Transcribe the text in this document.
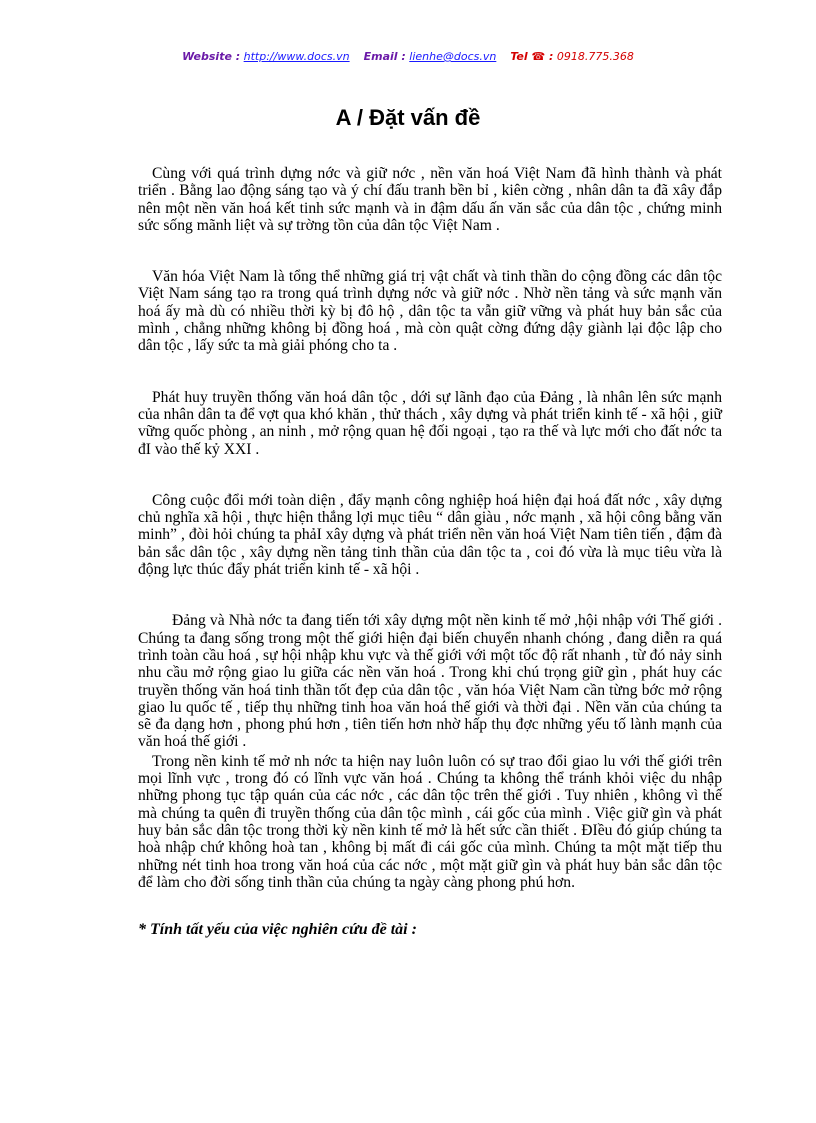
Website : http://www.docs.vn Email : lienhe@docs.vn Tel ☎ : 0918.775.368
A / Đặt vấn đề

Cùng với quá trình dựng nớc và giữ nớc , nền văn hoá Việt Nam đã hình thành và phát triển . Bằng lao động sáng tạo và ý chí đấu tranh bền bỉ , kiên cờng , nhân dân ta đã xây đắp nên một nền văn hoá kết tinh sức mạnh và in đậm dấu ấn văn sắc của dân tộc , chứng minh sức sống mãnh liệt và sự trờng tồn của dân tộc Việt Nam .

Văn hóa Việt Nam là tổng thể những giá trị vật chất và tinh thần do cộng đồng các dân tộc Việt Nam sáng tạo ra trong quá trình dựng nớc và giữ nớc . Nhờ nền tảng và sức mạnh văn hoá ấy mà dù có nhiều thời kỳ bị đô hộ , dân tộc ta vẫn giữ vững và phát huy bản sắc của mình , chẳng những không bị đồng hoá , mà còn quật cờng đứng dậy giành lại độc lập cho dân tộc , lấy sức ta mà giải phóng cho ta .

Phát huy truyền thống văn hoá dân tộc , dới sự lãnh đạo của Đảng , là nhân lên sức mạnh của nhân dân ta để vợt qua khó khăn , thử thách , xây dựng và phát triển kinh tế - xã hội , giữ vững quốc phòng , an ninh , mở rộng quan hệ đối ngoại , tạo ra thế và lực mới cho đất nớc ta đI vào thế kỷ XXI .

Công cuộc đổi mới toàn diện , đẩy mạnh công nghiệp hoá hiện đại hoá đất nớc , xây dựng chủ nghĩa xã hội , thực hiện thắng lợi mục tiêu “ dân giàu , nớc mạnh , xã hội công bằng văn minh” , đòi hỏi chúng ta phảI xây dựng và phát triển nền văn hoá Việt Nam tiên tiến , đậm đà bản sắc dân tộc , xây dựng nền tảng tinh thần của dân tộc ta , coi đó vừa là mục tiêu vừa là động lực thúc đẩy phát triển kinh tế - xã hội .

Đảng và Nhà nớc ta đang tiến tới xây dựng một nền kinh tế mở ,hội nhập với Thế giới . Chúng ta đang sống trong một thế giới hiện đại biến chuyển nhanh chóng , đang diễn ra quá trình toàn cầu hoá , sự hội nhập khu vực và thế giới với một tốc độ rất nhanh , từ đó nảy sinh nhu cầu mở rộng giao lu giữa các nền văn hoá . Trong khi chú trọng giữ gìn , phát huy các truyền thống văn hoá tinh thần tốt đẹp của dân tộc , văn hóa Việt Nam cần từng bớc mở rộng giao lu quốc tế , tiếp thụ những tinh hoa văn hoá thế giới và thời đại . Nền văn của chúng ta sẽ đa dạng hơn , phong phú hơn , tiên tiến hơn nhờ hấp thụ đợc những yếu tố lành mạnh của văn hoá thế giới .

Trong nền kinh tế mở nh nớc ta hiện nay luôn luôn có sự trao đổi giao lu với thế giới trên mọi lĩnh vực , trong đó có lĩnh vực văn hoá . Chúng ta không thể tránh khỏi việc du nhập những phong tục tập quán của các nớc , các dân tộc trên thế giới . Tuy nhiên , không vì thế mà chúng ta quên đi truyền thống của dân tộc mình , cái gốc của mình . Việc giữ gìn và phát huy bản sắc dân tộc trong thời kỳ nền kinh tế mở là hết sức cần thiết . ĐIều đó giúp chúng ta hoà nhập chứ không hoà tan , không bị mất đi cái gốc của mình. Chúng ta một mặt tiếp thu những nét tinh hoa trong văn hoá của các nớc , một mặt giữ gìn và phát huy bản sắc dân tộc để làm cho đời sống tinh thần của chúng ta ngày càng phong phú hơn.

* Tính tất yếu của việc nghiên cứu đề tài :
